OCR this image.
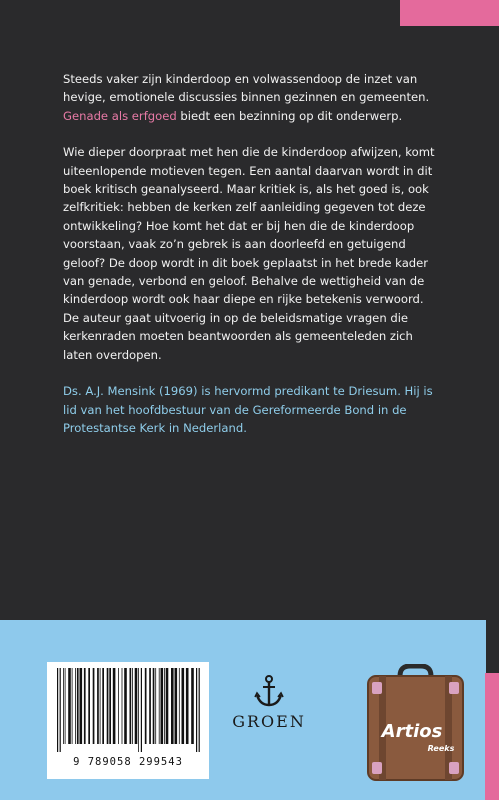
Steeds vaker zijn kinderdoop en volwassendoop de inzet van hevige, emotionele discussies binnen gezinnen en gemeenten. Genade als erfgoed biedt een bezinning op dit onderwerp.

Wie dieper doorpraat met hen die de kinderdoop afwijzen, komt uiteenlopende motieven tegen. Een aantal daarvan wordt in dit boek kritisch geanalyseerd. Maar kritiek is, als het goed is, ook zelfkritiek: hebben de kerken zelf aanleiding gegeven tot deze ontwikkeling? Hoe komt het dat er bij hen die de kinderdoop voorstaan, vaak zo’n gebrek is aan doorleefd en getuigend geloof? De doop wordt in dit boek geplaatst in het brede kader van genade, verbond en geloof. Behalve de wettigheid van de kinderdoop wordt ook haar diepe en rijke betekenis verwoord. De auteur gaat uitvoerig in op de beleidsmatige vragen die kerkenraden moeten beantwoorden als gemeenteleden zich laten overdopen.

Ds. A.J. Mensink (1969) is hervormd predikant te Driesum. Hij is lid van het hoofdbestuur van de Gereformeerde Bond in de Protestantse Kerk in Nederland.

9 789058 299543
GROEN	Artios
Reeks
